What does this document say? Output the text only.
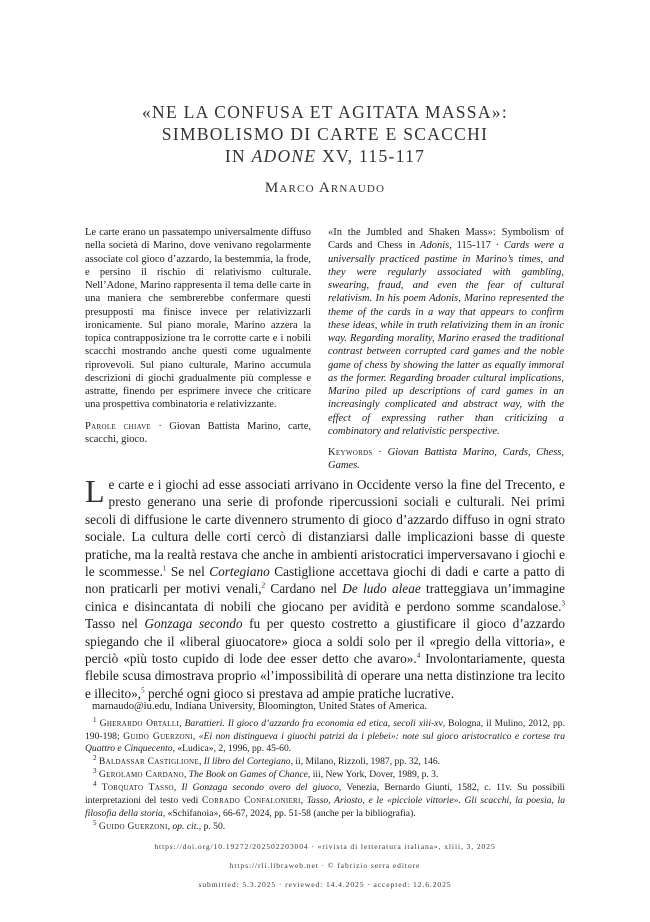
«NE LA CONFUSA ET AGITATA MASSA»:
SIMBOLISMO DI CARTE E SCACCHI
IN ADONE XV, 115-117
Marco Arnaudo
Le carte erano un passatempo universalmente diffuso nella società di Marino, dove venivano regolarmente associate col gioco d’azzardo, la bestemmia, la frode, e persino il rischio di relativismo culturale. Nell’Adone, Marino rappresenta il tema delle carte in una maniera che sembrerebbe confermare questi presupposti ma finisce invece per relativizzarli ironicamente. Sul piano morale, Marino azzera la topica contrapposizione tra le corrotte carte e i nobili scacchi mostrando anche questi come ugualmente riprovevoli. Sul piano culturale, Marino accumula descrizioni di giochi gradualmente più complesse e astratte, finendo per esprimere invece che criticare una prospettiva combinatoria e relativizzante.
Parole chiave · Giovan Battista Marino, carte, scacchi, gioco.
«In the Jumbled and Shaken Mass»: Symbolism of Cards and Chess in Adonis, 115-117 · Cards were a universally practiced pastime in Marino’s times, and they were regularly associated with gambling, swearing, fraud, and even the fear of cultural relativism. In his poem Adonis, Marino represented the theme of the cards in a way that appears to confirm these ideas, while in truth relativizing them in an ironic way. Regarding morality, Marino erased the traditional contrast between corrupted card games and the noble game of chess by showing the latter as equally immoral as the former. Regarding broader cultural implications, Marino piled up descriptions of card games in an increasingly complicated and abstract way, with the effect of expressing rather than criticizing a combinatory and relativistic perspective.
Keywords · Giovan Battista Marino, Cards, Chess, Games.
Le carte e i giochi ad esse associati arrivano in Occidente verso la fine del Trecento, e presto generano una serie di profonde ripercussioni sociali e culturali. Nei primi secoli di diffusione le carte divennero strumento di gioco d’azzardo diffuso in ogni strato sociale. La cultura delle corti cercò di distanziarsi dalle implicazioni basse di queste pratiche, ma la realtà restava che anche in ambienti aristocratici imperversavano i giochi e le scommesse.$^1$ Se nel Cortegiano Castiglione accettava giochi di dadi e carte a patto di non praticarli per motivi venali,$^2$ Cardano nel De ludo aleae tratteggiava un’immagine cinica e disincantata di nobili che giocano per avidità e perdono somme scandalose.$^3$ Tasso nel Gonzaga secondo fu per questo costretto a giustificare il gioco d’azzardo spiegando che il «liberal giuocatore» gioca a soldi solo per il «pregio della vittoria», e perciò «più tosto cupido di lode dee esser detto che avaro».$^4$ Involontariamente, questa flebile scusa dimostrava proprio «l’impossibilità di operare una netta distinzione tra lecito e illecito»,$^5$ perché ogni gioco si prestava ad ampie pratiche lucrative.
marnaudo@iu.edu, Indiana University, Bloomington, United States of America.

$^1$ Gherardo Ortalli, Barattieri. Il gioco d’azzardo fra economia ed etica, secoli xiii-xv, Bologna, il Mulino, 2012, pp. 190-198; Guido Guerzoni, «Ei non distingueva i giuochi patrizi da i plebei»: note sul gioco aristocratico e cortese tra Quattro e Cinquecento, «Ludica», 2, 1996, pp. 45-60.

$^2$ Baldassar Castiglione, Il libro del Cortegiano, ii, Milano, Rizzoli, 1987, pp. 32, 146.

$^3$ Gerolamo Cardano, The Book on Games of Chance, iii, New York, Dover, 1989, p. 3.

$^4$ Torquato Tasso, Il Gonzaga secondo overo del giuoco, Venezia, Bernardo Giunti, 1582, c. 11v. Su possibili interpretazioni del testo vedi Corrado Confalonieri, Tasso, Ariosto, e le «picciole vittorie». Gli scacchi, la poesia, la filosofia della storia, «Schifanoia», 66-67, 2024, pp. 51-58 (anche per la bibliografia).

$^5$ Guido Guerzoni, op. cit., p. 50.

https://doi.org/10.19272/202502203004 · «rivista di letteratura italiana», xliii, 3, 2025
https://rli.libraweb.net · © fabrizio serra editore
submitted: 5.3.2025 · reviewed: 14.4.2025 · accepted: 12.6.2025
